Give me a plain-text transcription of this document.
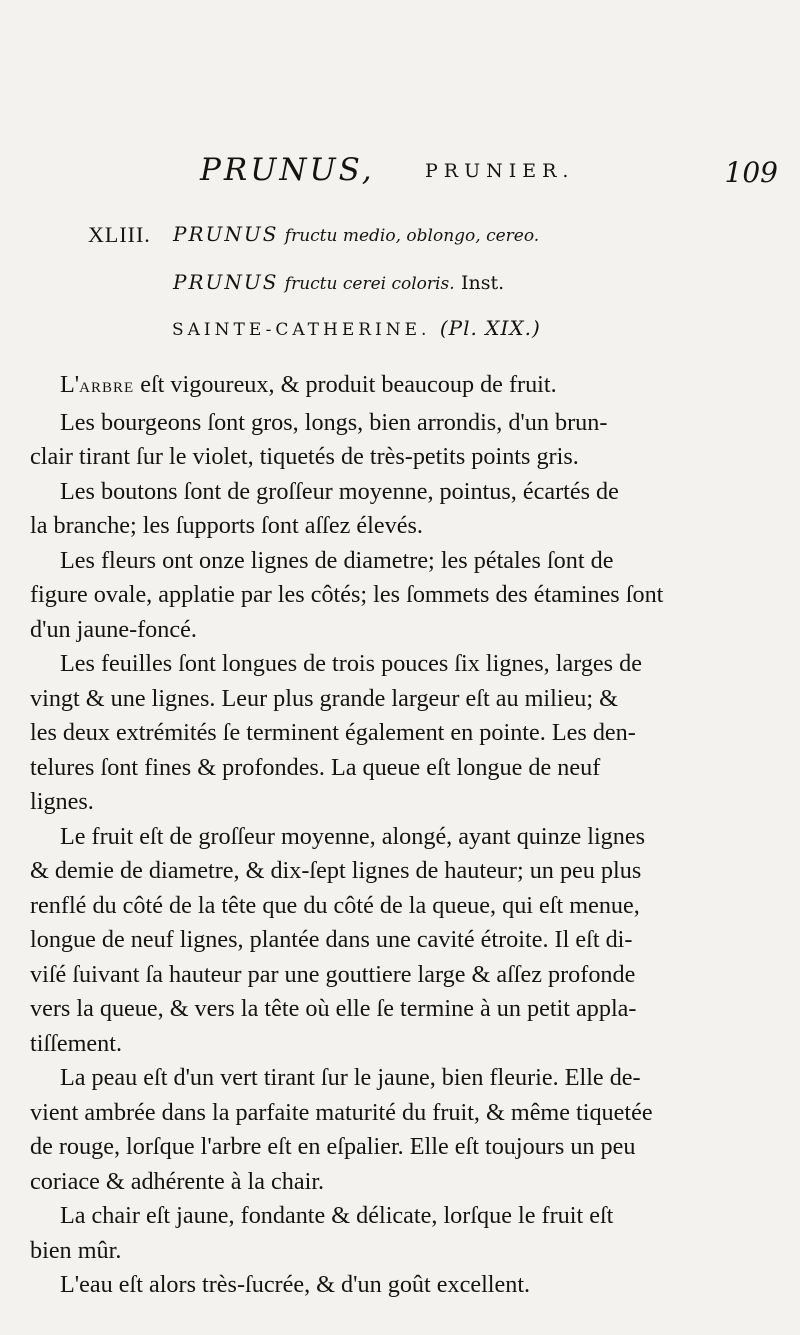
PRUNUS,	PRUNIER.	109
XLIII. PRUNUS fructu medio, oblongo, cereo.
PRUNUS fructu cerei coloris. Inst.
SAINTE-CATHERINE. (Pl. XIX.)

L'ARBRE eſt vigoureux, & produit beaucoup de fruit.

Les bourgeons ſont gros, longs, bien arrondis, d'un brun-
clair tirant ſur le violet, tiquetés de très-petits points gris.

Les boutons ſont de groſſeur moyenne, pointus, écartés de
la branche; les ſupports ſont aſſez élevés.

Les fleurs ont onze lignes de diametre; les pétales ſont de
figure ovale, applatie par les côtés; les ſommets des étamines ſont
d'un jaune-foncé.

Les feuilles ſont longues de trois pouces ſix lignes, larges de
vingt & une lignes. Leur plus grande largeur eſt au milieu; &
les deux extrémités ſe terminent également en pointe. Les den-
telures ſont fines & profondes. La queue eſt longue de neuf
lignes.

Le fruit eſt de groſſeur moyenne, alongé, ayant quinze lignes
& demie de diametre, & dix-ſept lignes de hauteur; un peu plus
renflé du côté de la tête que du côté de la queue, qui eſt menue,
longue de neuf lignes, plantée dans une cavité étroite. Il eſt di-
viſé ſuivant ſa hauteur par une gouttiere large & aſſez profonde
vers la queue, & vers la tête où elle ſe termine à un petit appla-
tiſſement.

La peau eſt d'un vert tirant ſur le jaune, bien fleurie. Elle de-
vient ambrée dans la parfaite maturité du fruit, & même tiquetée
de rouge, lorſque l'arbre eſt en eſpalier. Elle eſt toujours un peu
coriace & adhérente à la chair.

La chair eſt jaune, fondante & délicate, lorſque le fruit eſt
bien mûr.

L'eau eſt alors très-ſucrée, & d'un goût excellent.
